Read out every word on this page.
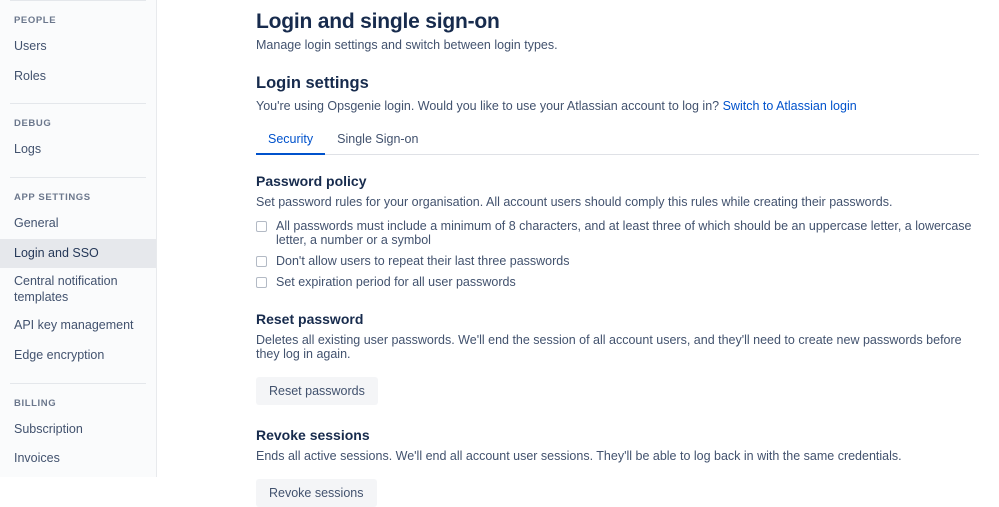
PEOPLE
Users
Roles
DEBUG
Logs
APP SETTINGS
General
Login and SSO
Central notification templates
API key management
Edge encryption
BILLING
Subscription
Invoices
Login and single sign-on
Manage login settings and switch between login types.
Login settings
You're using Opsgenie login. Would you like to use your Atlassian account to log in? Switch to Atlassian login
Security	Single Sign-on
Password policy
Set password rules for your organisation. All account users should comply this rules while creating their passwords.
All passwords must include a minimum of 8 characters, and at least three of which should be an uppercase letter, a lowercase letter, a number or a symbol
Don't allow users to repeat their last three passwords
Set expiration period for all user passwords
Reset password
Deletes all existing user passwords. We'll end the session of all account users, and they'll need to create new passwords before they log in again.
Reset passwords
Revoke sessions
Ends all active sessions. We'll end all account user sessions. They'll be able to log back in with the same credentials.
Revoke sessions
